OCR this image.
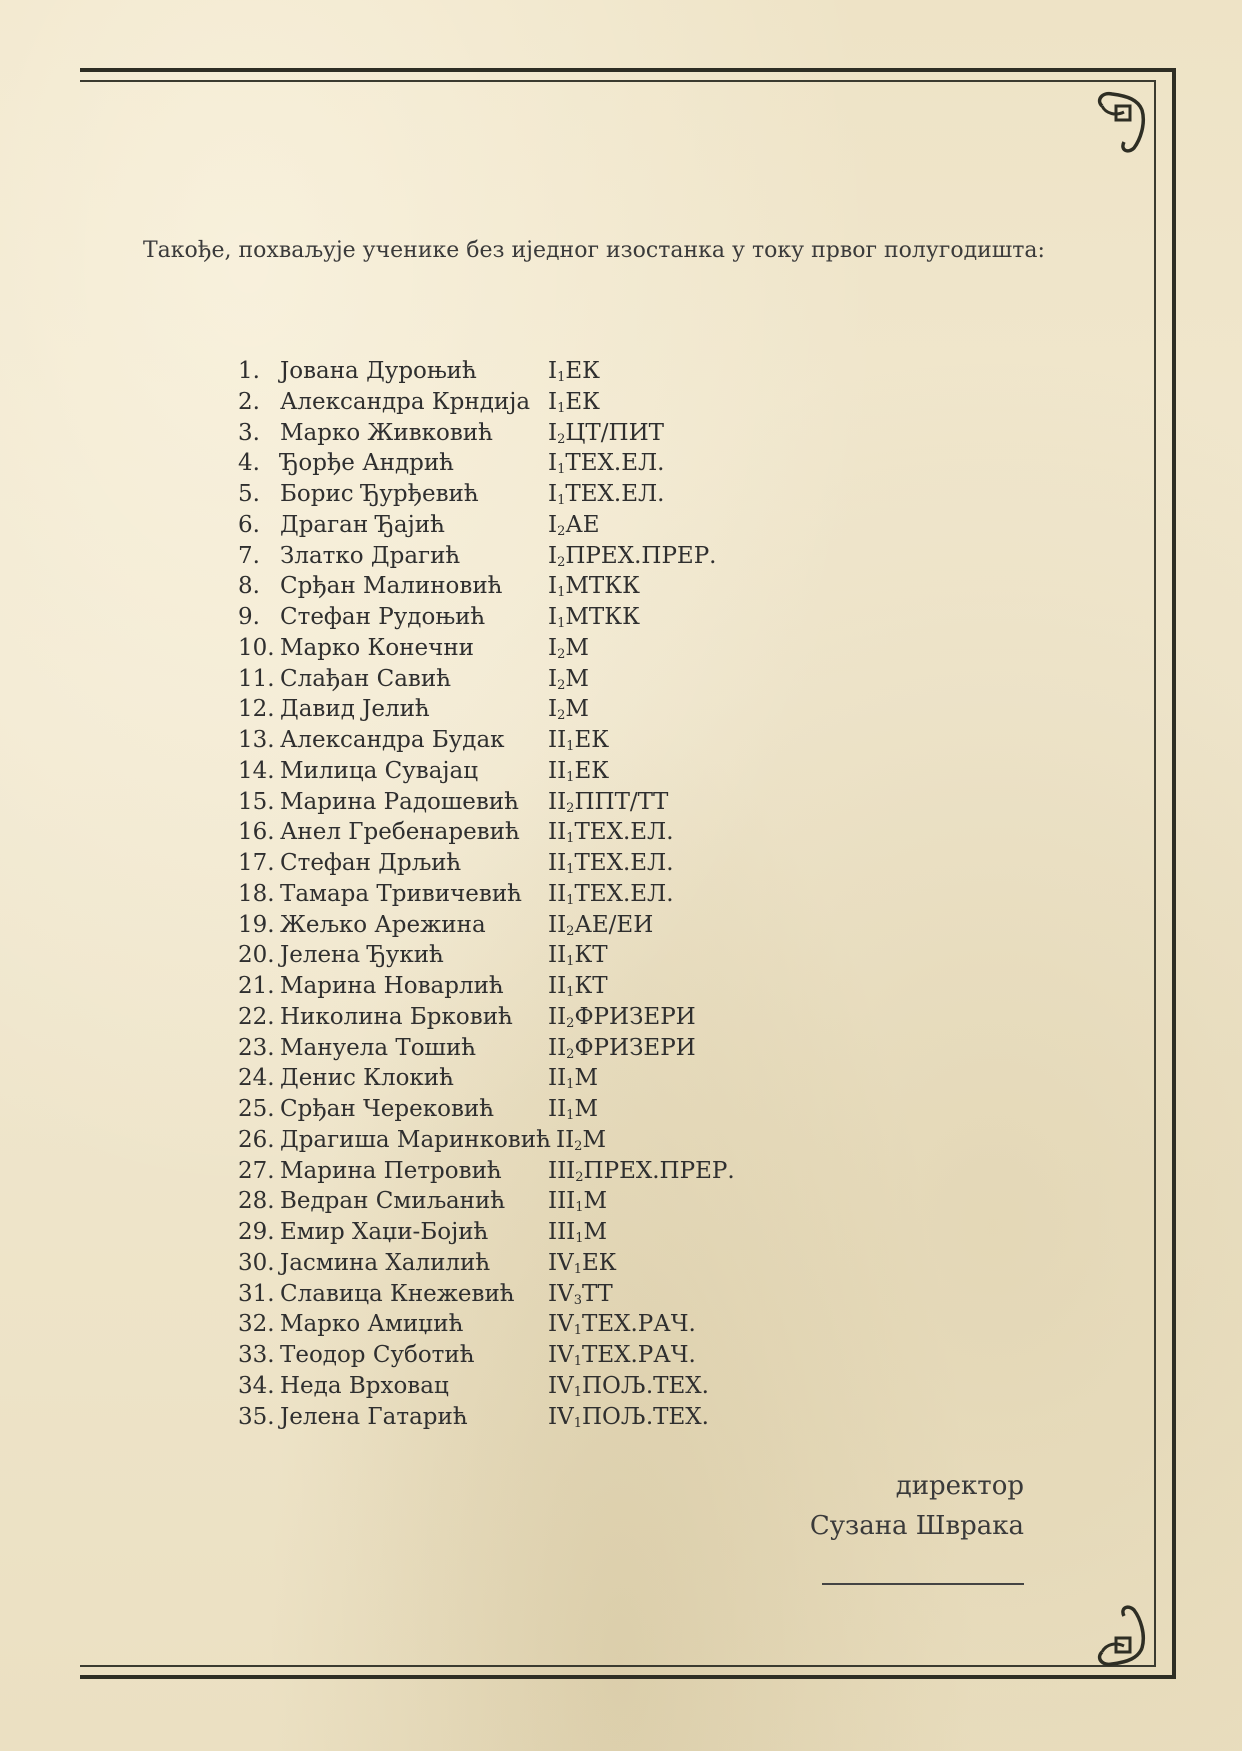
Такође, похваљује ученике без иједног изостанка у току првог полугодишта:
1. Јована Дуроњић	$I_1ЕК$
2. Александра Крндија $I_1ЕК$
3. Марко Живковић $I_2ЦТ$/ПИТ
4. Ђорђе Андрић	$I_1ТЕХ.ЕЛ$.
5. Борис Ђурђевић	$I_1ТЕХ.ЕЛ$.
6. Драган Ђајић	$I_2АЕ$
7. Златко Драгић	$I_2ПРЕХ.ПРЕР$.
8. Срђан Малиновић $I_1МТКК$
9. Стефан Рудоњић	$I_1МТКК$
10. Марко Конечни	$I_2М$
11. Слађан Савић	$I_2М$
12. Давид Јелић	$I_2М$
13. Александра Будак $II_1ЕК$
14. Милица Сувајац	$II_1ЕК$
15. Марина Радошевић $II_2ППТ/ТТ$
16. Анел Гребенаревић $II_1ТЕХ.ЕЛ$.
17. Стефан Дрљић	$II_1ТЕХ.ЕЛ$.
18. Тамара Тривичевић $II_1ТЕХ.ЕЛ$.
19. Жељко Арежина	$II_2АЕ/ЕИ$
20. Јелена Ђукић	$II_1КТ$
21. Марина Новарлић $II_1КТ$
22. Николина Брковић $II_2ФРИЗЕРИ$
23. Мануела Тошић	$II_2ФРИЗЕРИ$
24. Денис Клокић	$II_1М$
25. Срђан Черековић $II_1М$
26. Драгиша Маринковић $II_2М$
27. Марина Петровић $III_2ПРЕХ.ПРЕР$.
28. Ведран Смиљанић $III_1М$
29. Емир Хаџи-Бојић	$III_1М$
30. Јасмина Халилић	$IV_1ЕК$
31. Славица Кнежевић $IV_3ТТ$
32. Марко Амиџић	$IV_1ТЕХ.РАЧ$.
33. Теодор Суботић	$IV_1ТЕХ.РАЧ$.
34. Неда Врховац	$IV_1ПОЉ.ТЕХ$.
35. Јелена Гатарић	$IV_1ПОЉ.ТЕХ$.
директор
Сузана Шврака
